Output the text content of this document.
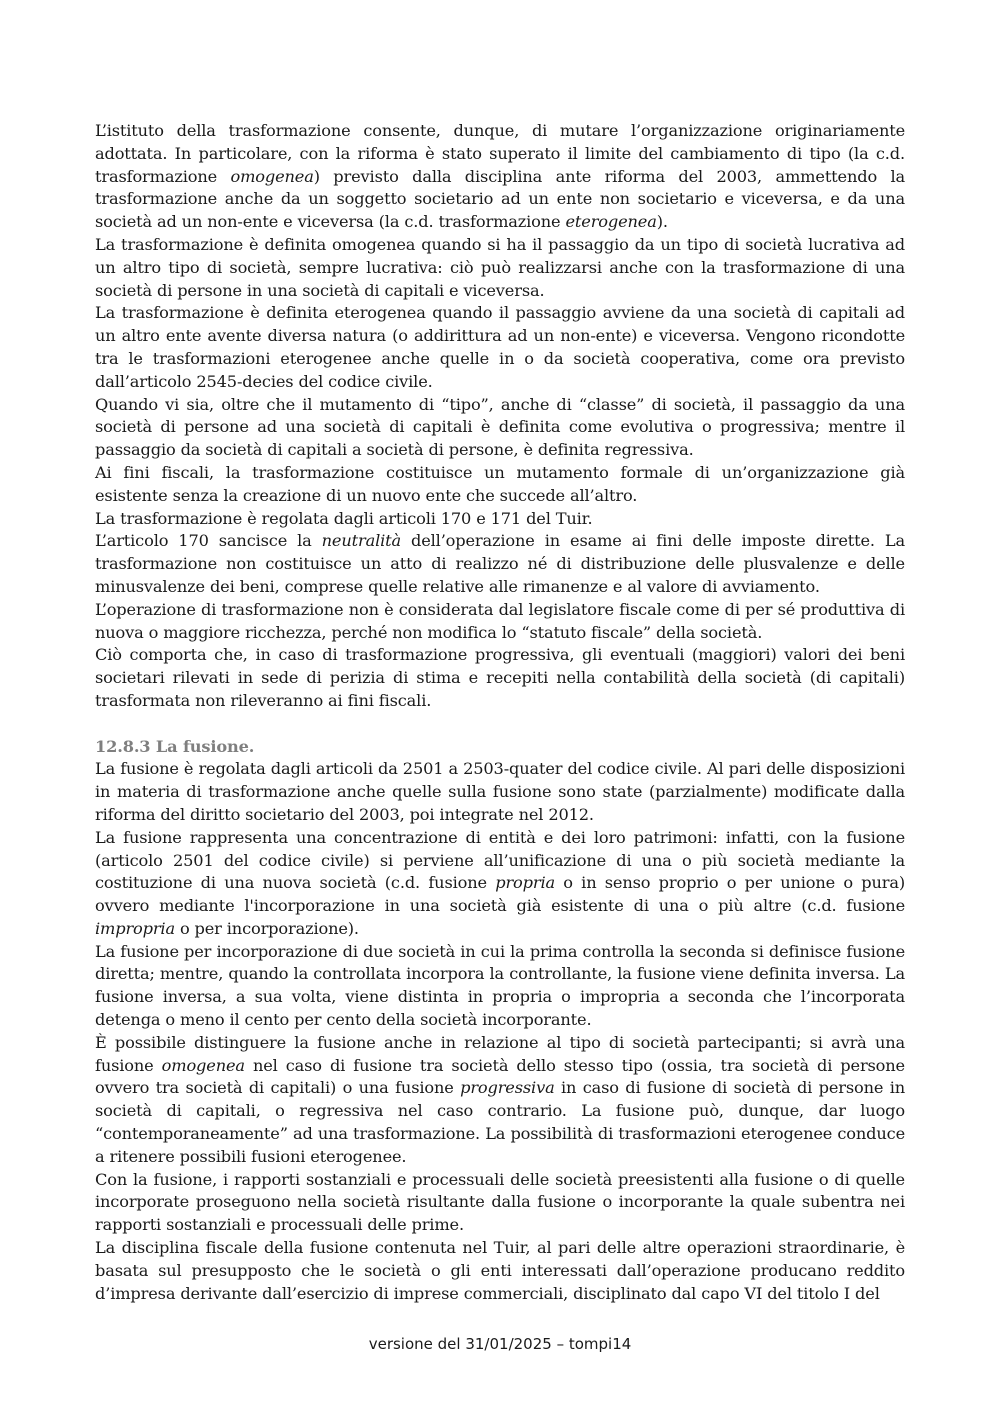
L’istituto della trasformazione consente, dunque, di mutare l’organizzazione originariamente adottata. In particolare, con la riforma è stato superato il limite del cambiamento di tipo (la c.d. trasformazione omogenea) previsto dalla disciplina ante riforma del 2003, ammettendo la trasformazione anche da un soggetto societario ad un ente non societario e viceversa, e da una società ad un non-ente e viceversa (la c.d. trasformazione eterogenea).

La trasformazione è definita omogenea quando si ha il passaggio da un tipo di società lucrativa ad un altro tipo di società, sempre lucrativa: ciò può realizzarsi anche con la trasformazione di una società di persone in una società di capitali e viceversa.

La trasformazione è definita eterogenea quando il passaggio avviene da una società di capitali ad un altro ente avente diversa natura (o addirittura ad un non-ente) e viceversa. Vengono ricondotte tra le trasformazioni eterogenee anche quelle in o da società cooperativa, come ora previsto dall’articolo 2545-decies del codice civile.

Quando vi sia, oltre che il mutamento di “tipo”, anche di “classe” di società, il passaggio da una società di persone ad una società di capitali è definita come evolutiva o progressiva; mentre il passaggio da società di capitali a società di persone, è definita regressiva.

Ai fini fiscali, la trasformazione costituisce un mutamento formale di un’organizzazione già esistente senza la creazione di un nuovo ente che succede all’altro.

La trasformazione è regolata dagli articoli 170 e 171 del Tuir.

L’articolo 170 sancisce la neutralità dell’operazione in esame ai fini delle imposte dirette. La trasformazione non costituisce un atto di realizzo né di distribuzione delle plusvalenze e delle minusvalenze dei beni, comprese quelle relative alle rimanenze e al valore di avviamento.

L’operazione di trasformazione non è considerata dal legislatore fiscale come di per sé produttiva di nuova o maggiore ricchezza, perché non modifica lo “statuto fiscale” della società.

Ciò comporta che, in caso di trasformazione progressiva, gli eventuali (maggiori) valori dei beni societari rilevati in sede di perizia di stima e recepiti nella contabilità della società (di capitali) trasformata non rileveranno ai fini fiscali.

12.8.3 La fusione.

La fusione è regolata dagli articoli da 2501 a 2503-quater del codice civile. Al pari delle disposizioni in materia di trasformazione anche quelle sulla fusione sono state (parzialmente) modificate dalla riforma del diritto societario del 2003, poi integrate nel 2012.

La fusione rappresenta una concentrazione di entità e dei loro patrimoni: infatti, con la fusione (articolo 2501 del codice civile) si perviene all’unificazione di una o più società mediante la costituzione di una nuova società (c.d. fusione propria o in senso proprio o per unione o pura) ovvero mediante l'incorporazione in una società già esistente di una o più altre (c.d. fusione impropria o per incorporazione).

La fusione per incorporazione di due società in cui la prima controlla la seconda si definisce fusione diretta; mentre, quando la controllata incorpora la controllante, la fusione viene definita inversa. La fusione inversa, a sua volta, viene distinta in propria o impropria a seconda che l’incorporata detenga o meno il cento per cento della società incorporante.

È possibile distinguere la fusione anche in relazione al tipo di società partecipanti; si avrà una fusione omogenea nel caso di fusione tra società dello stesso tipo (ossia, tra società di persone ovvero tra società di capitali) o una fusione progressiva in caso di fusione di società di persone in società di capitali, o regressiva nel caso contrario. La fusione può, dunque, dar luogo “contemporaneamente” ad una trasformazione. La possibilità di trasformazioni eterogenee conduce a ritenere possibili fusioni eterogenee.

Con la fusione, i rapporti sostanziali e processuali delle società preesistenti alla fusione o di quelle incorporate proseguono nella società risultante dalla fusione o incorporante la quale subentra nei rapporti sostanziali e processuali delle prime.

La disciplina fiscale della fusione contenuta nel Tuir, al pari delle altre operazioni straordinarie, è basata sul presupposto che le società o gli enti interessati dall’operazione producano reddito d’impresa derivante dall’esercizio di imprese commerciali, disciplinato dal capo VI del titolo I del

versione del 31/01/2025 – tompi14
